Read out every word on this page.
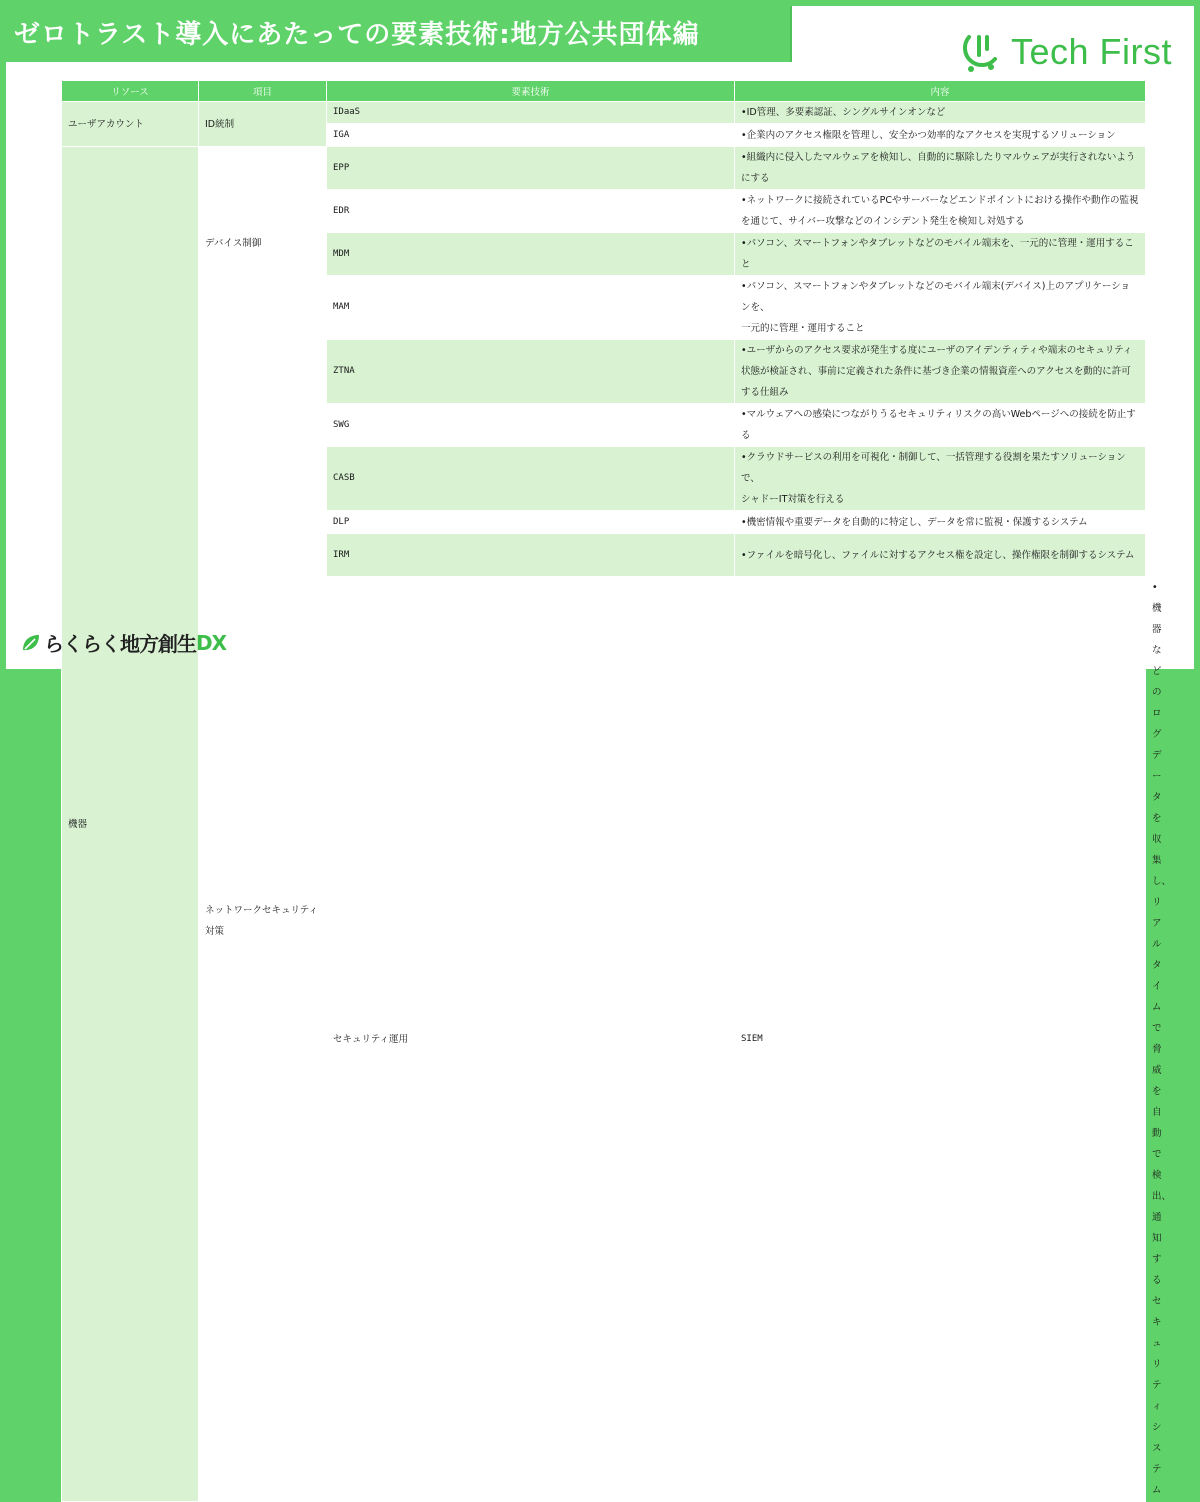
ゼロトラスト導入にあたっての要素技術:地方公共団体編	Tech First
リソース	項目	要素技術	内容	
ユーザアカウント	ID統制	IDaaS	•ID管理、多要素認証、シングルサインオンなど	
		IGA	•企業内のアクセス権限を管理し、安全かつ効率的なアクセスを実現するソリューション	
機器	デバイス制御	EPP	•組織内に侵入したマルウェアを検知し、自動的に駆除したりマルウェアが実行されないようにする	
		EDR	•ネットワークに接続されているPCやサーバーなどエンドポイントにおける操作や動作の監視を通じて、サイバー攻撃などのインシデント発生を検知し対処する	
		MDM	•パソコン、スマートフォンやタブレットなどのモバイル端末を、一元的に管理・運用すること	
		MAM	•パソコン、スマートフォンやタブレットなどのモバイル端末(デバイス)上のアプリケーションを、
一元的に管理・運用すること	
	ネットワークセキュリティ対策	ZTNA	•ユーザからのアクセス要求が発生する度にユーザのアイデンティティや端末のセキュリティ状態が検証され、事前に定義された条件に基づき企業の情報資産へのアクセスを動的に許可する仕組み	
		SWG	•マルウェアへの感染につながりうるセキュリティリスクの高いWebページへの接続を防止する	
		CASB	•クラウドサービスの利用を可視化・制御して、一括管理する役割を果たすソリューションで、
シャドーIT対策を行える	
		DLP	•機密情報や重要データを自動的に特定し、データを常に監視・保護するシステム	
		IRM	•ファイルを暗号化し、ファイルに対するアクセス権を設定し、操作権限を制御するシステム	
		セキュリティ運用	SIEM	•機器などのログデータを収集し、リアルタイムで脅威を自動で検出、通知するセキュリティシステム
らくらく地方創生 DX
